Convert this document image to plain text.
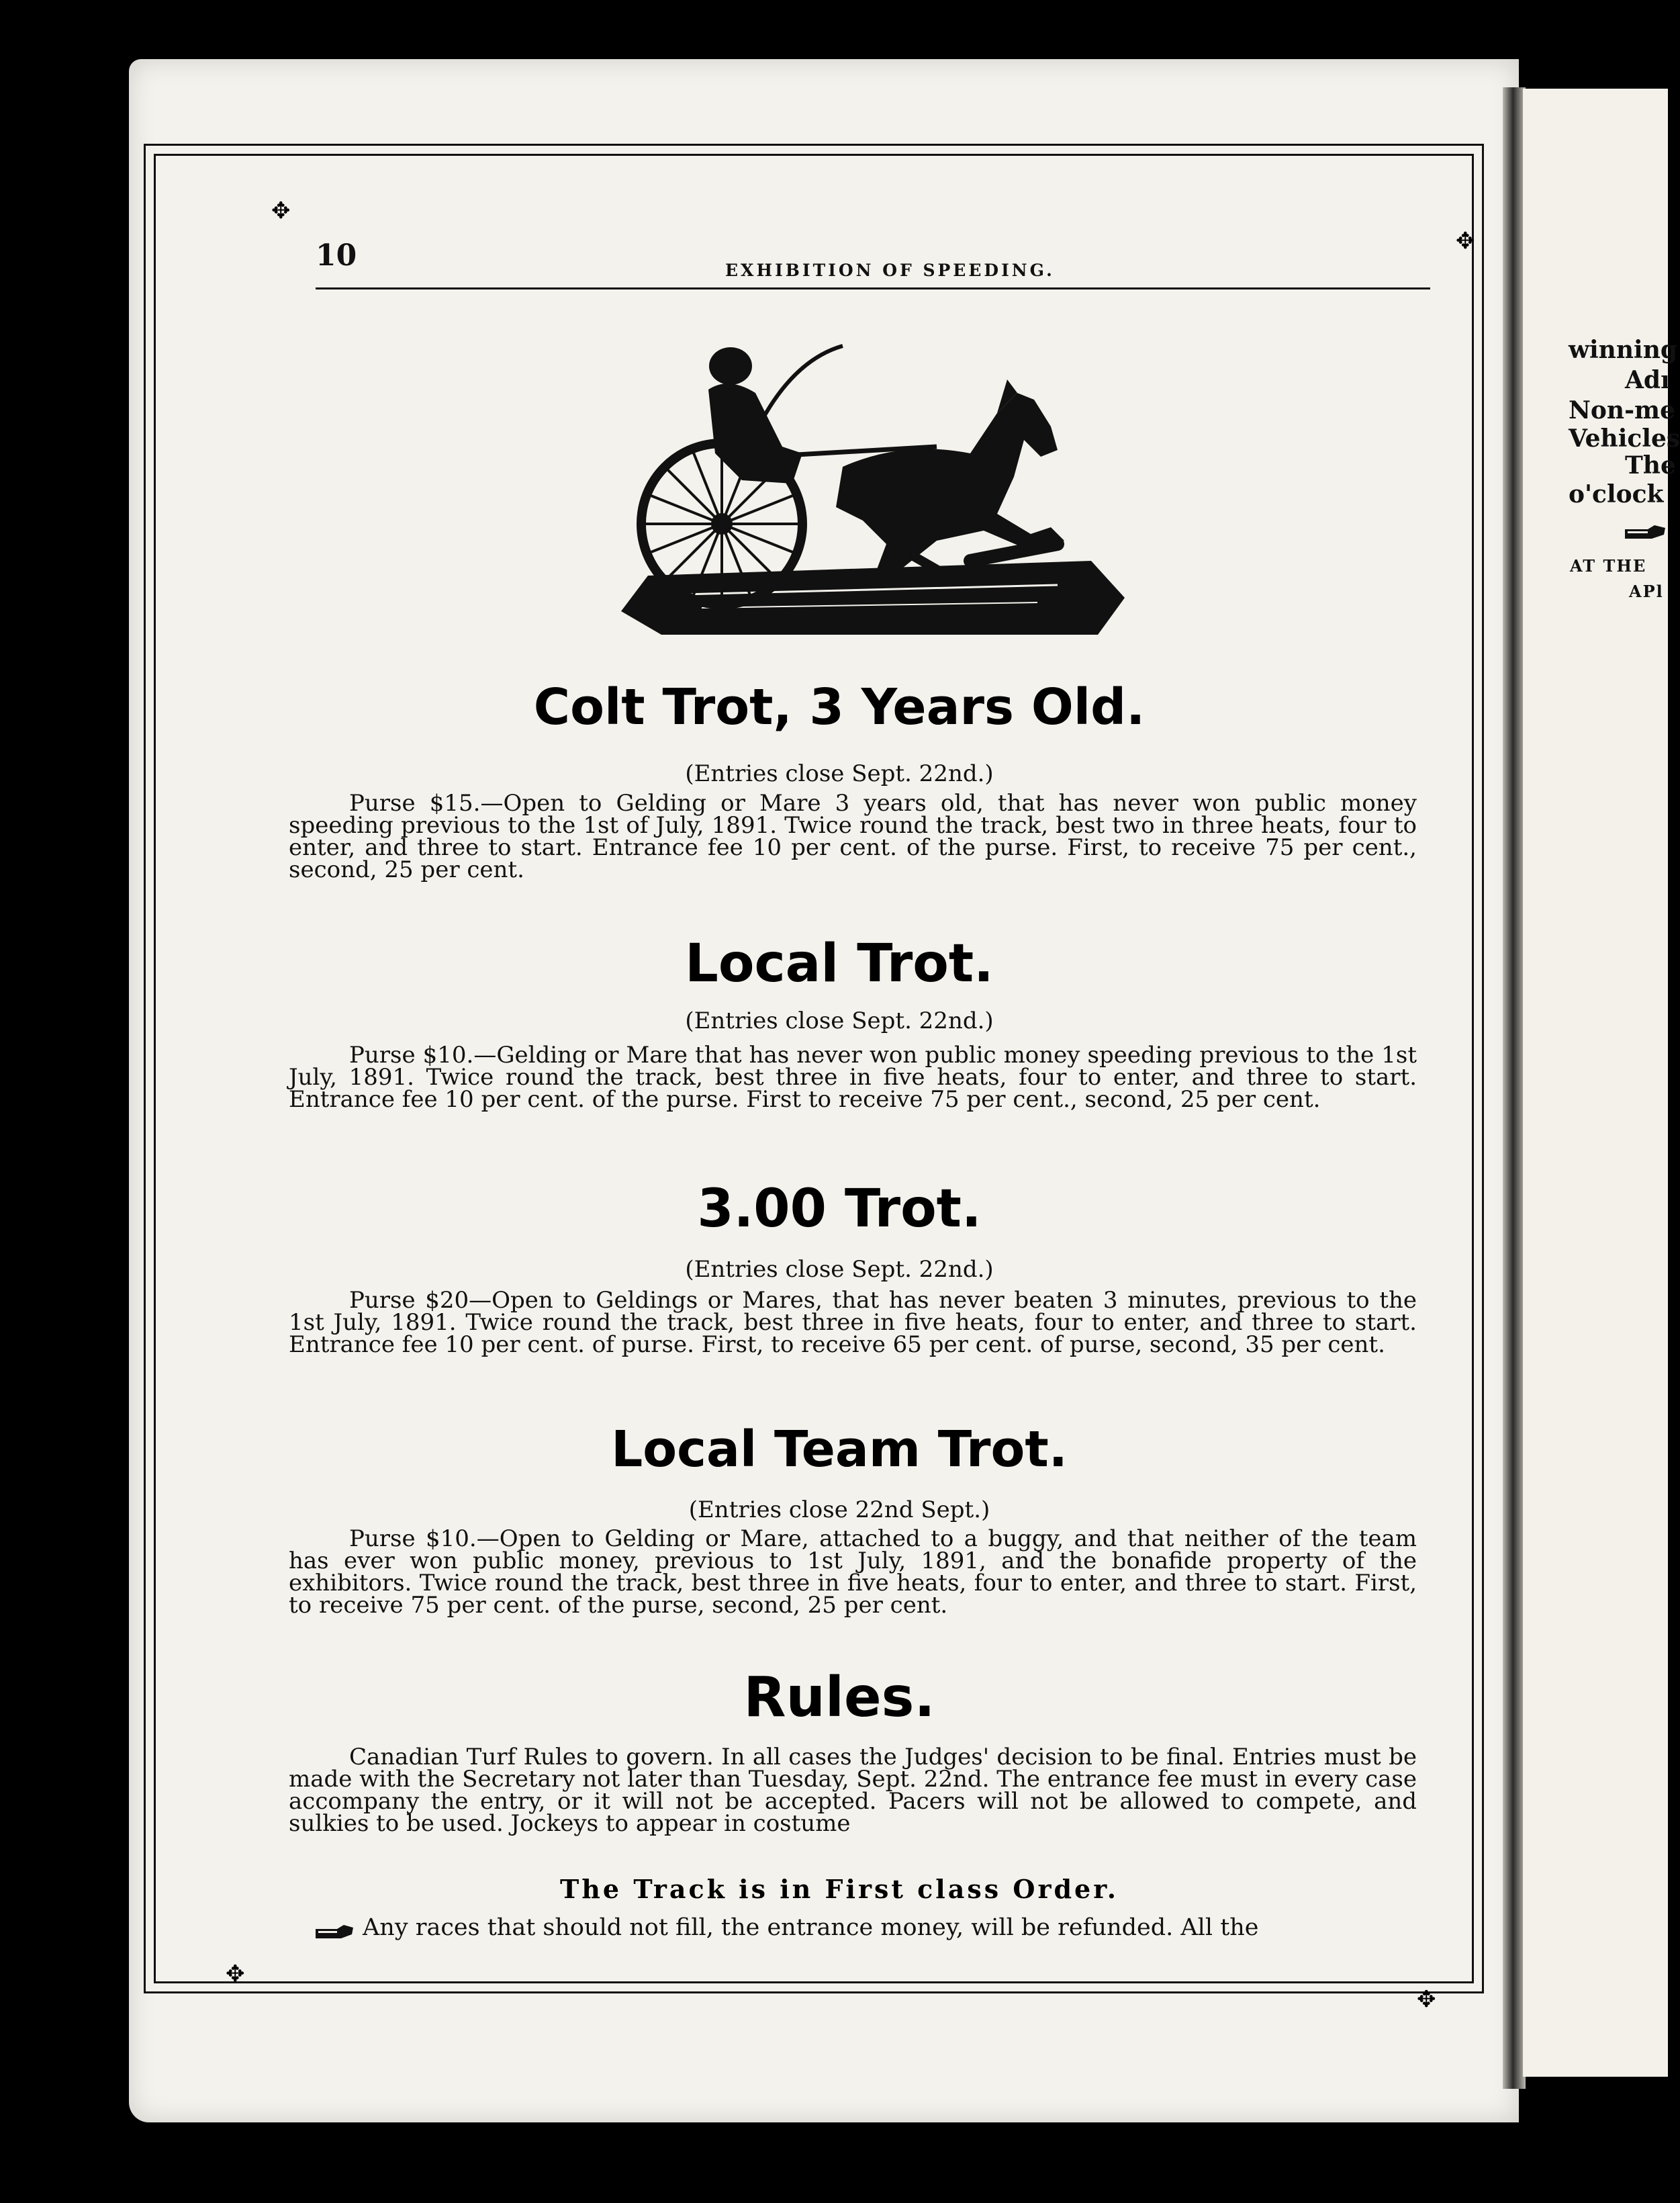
winning
Adı
Non-me
Vehicles
The
o'clock
AT THE
APl
✥
✥
✥
✥
10	EXHIBITION OF SPEEDING.
Colt Trot, 3 Years Old.
(Entries close Sept. 22nd.)
Purse $15.—Open to Gelding or Mare 3 years old, that has never won public money speeding previous to the 1st of July, 1891. Twice round the track, best two in three heats, four to enter, and three to start. Entrance fee 10 per cent. of the purse. First, to receive 75 per cent., second, 25 per cent.
Local Trot.
(Entries close Sept. 22nd.)
Purse $10.—Gelding or Mare that has never won public money speeding previous to the 1st July, 1891. Twice round the track, best three in five heats, four to enter, and three to start. Entrance fee 10 per cent. of the purse. First to receive 75 per cent., second, 25 per cent.
3.00 Trot.
(Entries close Sept. 22nd.)
Purse $20—Open to Geldings or Mares, that has never beaten 3 minutes, previous to the 1st July, 1891. Twice round the track, best three in five heats, four to enter, and three to start. Entrance fee 10 per cent. of purse. First, to receive 65 per cent. of purse, second, 35 per cent.
Local Team Trot.
(Entries close 22nd Sept.)
Purse $10.—Open to Gelding or Mare, attached to a buggy, and that neither of the team has ever won public money, previous to 1st July, 1891, and the bonafide property of the exhibitors. Twice round the track, best three in five heats, four to enter, and three to start. First, to receive 75 per cent. of the purse, second, 25 per cent.
Rules.
Canadian Turf Rules to govern. In all cases the Judges' decision to be final. Entries must be made with the Secretary not later than Tuesday, Sept. 22nd. The entrance fee must in every case accompany the entry, or it will not be accepted. Pacers will not be allowed to compete, and sulkies to be used. Jockeys to appear in costume
The Track is in First class Order.
Any races that should not fill, the entrance money, will be refunded. All the
